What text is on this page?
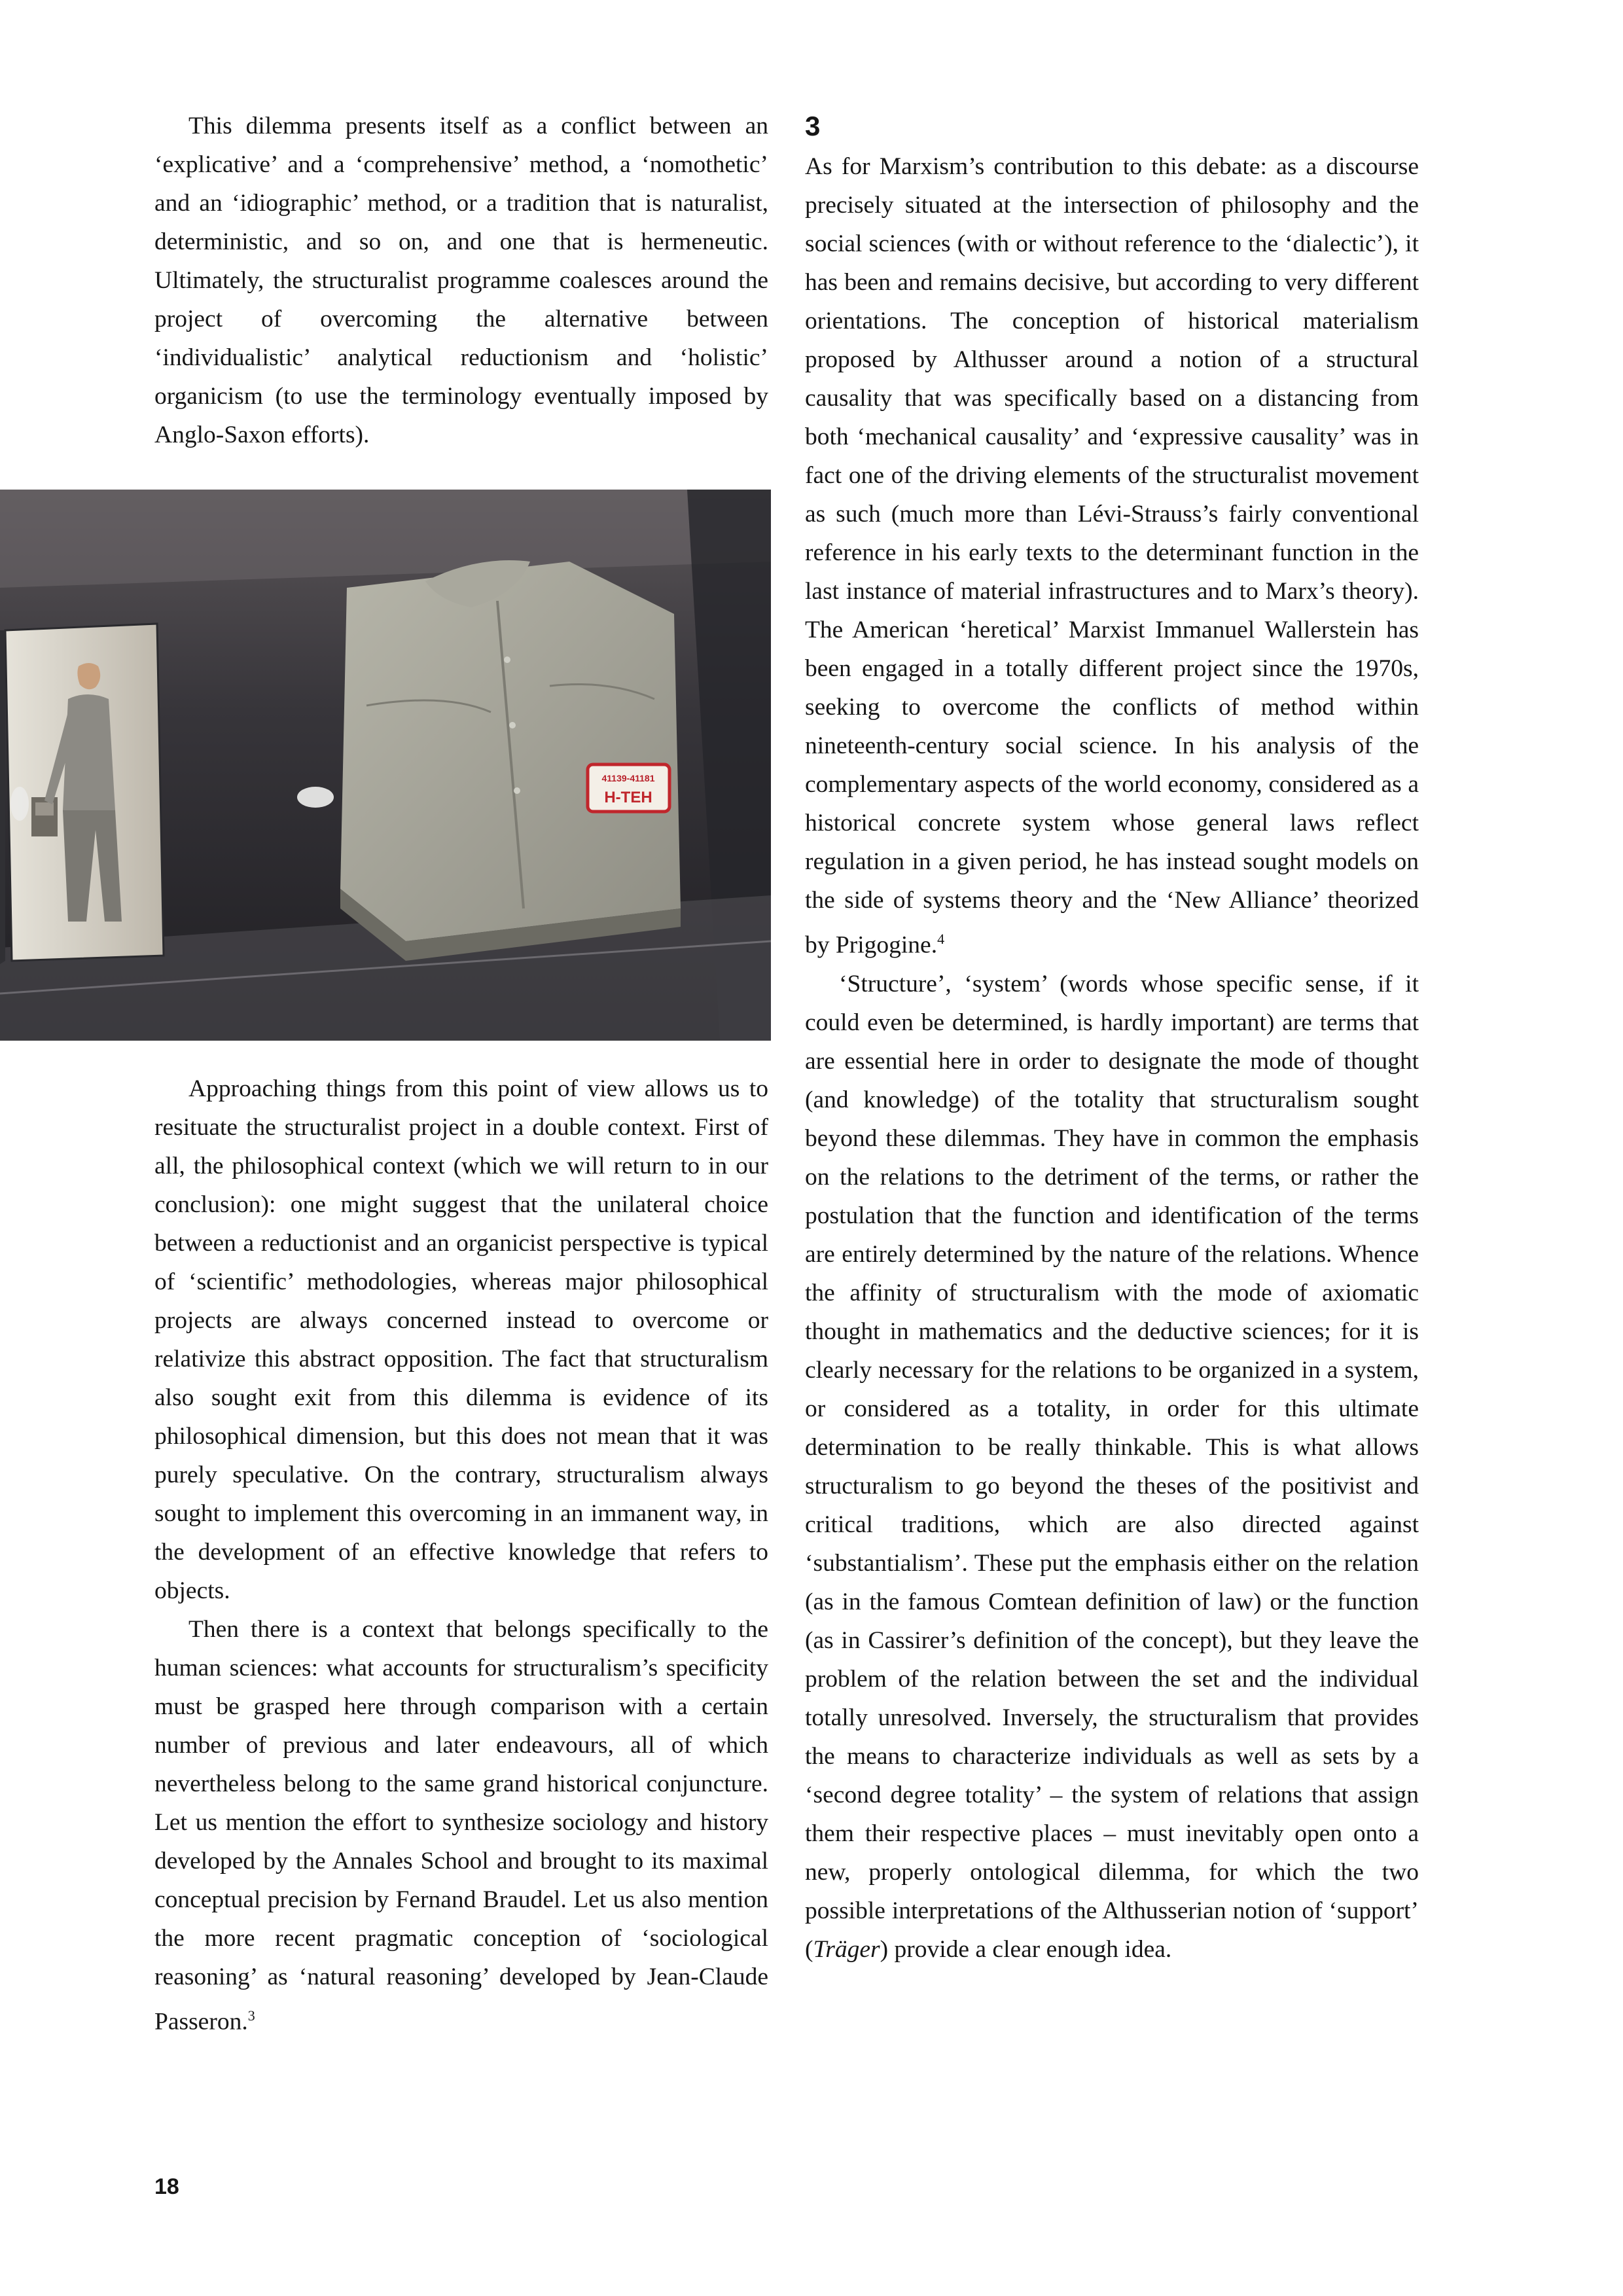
This dilemma presents itself as a conflict between an ‘explicative’ and a ‘comprehensive’ method, a ‘nomothetic’ and an ‘idiographic’ method, or a tradition that is naturalist, deterministic, and so on, and one that is hermeneutic. Ultimately, the structuralist programme coalesces around the project of overcoming the alternative between ‘individualistic’ analytical reductionism and ‘holistic’ organicism (to use the terminology eventually imposed by Anglo-Saxon efforts).

41139-41181
H-TEH

Approaching things from this point of view allows us to resituate the structuralist project in a double context. First of all, the philosophical context (which we will return to in our conclusion): one might suggest that the unilateral choice between a reductionist and an organicist perspective is typical of ‘scientific’ methodologies, whereas major philosophical projects are always concerned instead to overcome or relativize this abstract opposition. The fact that structuralism also sought exit from this dilemma is evidence of its philosophical dimension, but this does not mean that it was purely speculative. On the contrary, structuralism always sought to implement this overcoming in an immanent way, in the development of an effective knowledge that refers to objects.

Then there is a context that belongs specifically to the human sciences: what accounts for structuralism’s specificity must be grasped here through comparison with a certain number of previous and later endeavours, all of which nevertheless belong to the same grand historical conjuncture. Let us mention the effort to synthesize sociology and history developed by the Annales School and brought to its maximal conceptual precision by Fernand Braudel. Let us also mention the more recent pragmatic conception of ‘sociological reasoning’ as ‘natural reasoning’ developed by Jean-Claude Passeron.$^3$

3

As for Marxism’s contribution to this debate: as a discourse precisely situated at the intersection of philosophy and the social sciences (with or without reference to the ‘dialectic’), it has been and remains decisive, but according to very different orientations. The conception of historical materialism proposed by Althusser around a notion of a structural causality that was specifically based on a distancing from both ‘mechanical causality’ and ‘expressive causality’ was in fact one of the driving elements of the structuralist movement as such (much more than Lévi-Strauss’s fairly conventional reference in his early texts to the determinant function in the last instance of material infrastructures and to Marx’s theory). The American ‘heretical’ Marxist Immanuel Wallerstein has been engaged in a totally different project since the 1970s, seeking to overcome the conflicts of method within nineteenth-century social science. In his analysis of the complementary aspects of the world economy, considered as a historical concrete system whose general laws reflect regulation in a given period, he has instead sought models on the side of systems theory and the ‘New Alliance’ theorized by Prigogine.$^4$

‘Structure’, ‘system’ (words whose specific sense, if it could even be determined, is hardly important) are terms that are essential here in order to designate the mode of thought (and knowledge) of the totality that structuralism sought beyond these dilemmas. They have in common the emphasis on the relations to the detriment of the terms, or rather the postulation that the function and identification of the terms are entirely determined by the nature of the relations. Whence the affinity of structuralism with the mode of axiomatic thought in mathematics and the deductive sciences; for it is clearly necessary for the relations to be organized in a system, or considered as a totality, in order for this ultimate determination to be really thinkable. This is what allows structuralism to go beyond the theses of the positivist and critical traditions, which are also directed against ‘substantialism’. These put the emphasis either on the relation (as in the famous Comtean definition of law) or the function (as in Cassirer’s definition of the concept), but they leave the problem of the relation between the set and the individual totally unresolved. Inversely, the structuralism that provides the means to characterize individuals as well as sets by a ‘second degree totality’ – the system of relations that assign them their respective places – must inevitably open onto a new, properly ontological dilemma, for which the two possible interpretations of the Althusserian notion of ‘support’ (Träger) provide a clear enough idea.

18
